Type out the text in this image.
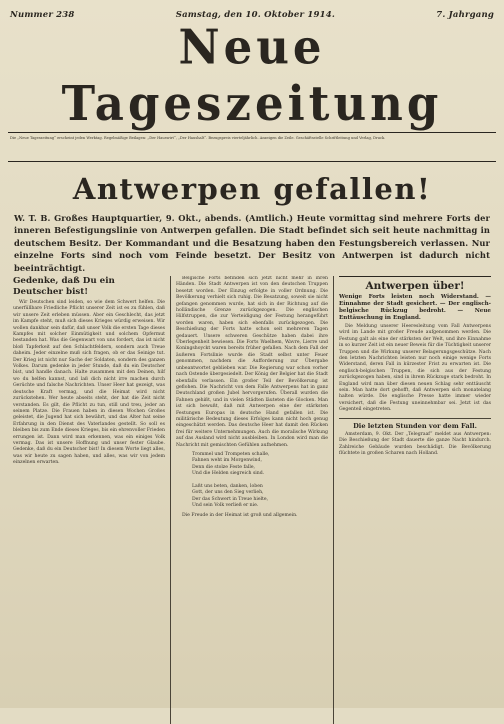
Nummer 238	Samstag, den 10. Oktober 1914.	7. Jahrgang
Neue Tageszeitung
Die „Neue Tageszeitung“ erscheint jeden Werktag. Regelmäßige Beilagen: „Der Hauswirt“, „Der Haushalt“. Bezugspreis vierteljährlich. Anzeigen die Zeile. Geschäftsstelle Schriftleitung und Verlag, Druck.
Antwerpen gefallen!
W. T. B. Großes Hauptquartier, 9. Okt., abends. (Amtlich.) Heute vormittag sind mehrere Forts der inneren Befestigungslinie von Antwerpen gefallen. Die Stadt befindet sich seit heute nachmittag in deutschem Besitz. Der Kommandant und die Besatzung haben den Festungsbereich verlassen. Nur einzelne Forts sind noch vom Feinde besetzt. Der Besitz von Antwerpen ist dadurch nicht beeinträchtigt.
Gedenke, daß Du ein Deutscher bist!
Wir Deutschen sind leiden, so wie dem Schwert helfen. Die unerfüllbare Friedliche Pflicht unserer Zeit ist es zu fühlen, daß wir unsere Zeit erleben müssen. Aber ein Geschlecht, das jetzt im Kampfe steht, muß sich dieses Krieges würdig erweisen. Wir wollen dankbar sein dafür, daß unser Volk die ersten Tage dieses Kampfes mit solcher Einmütigkeit und solchem Opfermut bestanden hat. Was die Gegenwart von uns fordert, das ist nicht bloß Tapferkeit auf den Schlachtfeldern, sondern auch Treue daheim. Jeder einzelne muß sich fragen, ob er das Seinige tut. Der Krieg ist nicht nur Sache der Soldaten, sondern des ganzen Volkes. Darum gedenke in jeder Stunde, daß du ein Deutscher bist, und handle danach. Halte zusammen mit den Deinen, hilf wo du helfen kannst, und laß dich nicht irre machen durch Gerüchte und falsche Nachrichten. Unser Heer hat gezeigt, was deutsche Kraft vermag, und die Heimat wird nicht zurückstehen. Wer heute abseits steht, der hat die Zeit nicht verstanden. Es gilt, die Pflicht zu tun, still und treu, jeder an seinem Platze. Die Frauen haben in diesen Wochen Großes geleistet, die Jugend hat sich bewährt, und das Alter hat seine Erfahrung in den Dienst des Vaterlandes gestellt. So soll es bleiben bis zum Ende dieses Krieges, bis ein ehrenvoller Frieden errungen ist. Dann wird man erkennen, was ein einiges Volk vermag. Das ist unsere Hoffnung und unser fester Glaube. Gedenke, daß du ein Deutscher bist! In diesem Worte liegt alles, was wir heute zu sagen haben, und alles, was wir von jedem einzelnen erwarten.
Belgische Forts befinden sich jetzt nicht mehr in ihren Händen. Die Stadt Antwerpen ist von den deutschen Truppen besetzt worden. Der Einzug erfolgte in voller Ordnung. Die Bevölkerung verhielt sich ruhig. Die Besatzung, soweit sie nicht gefangen genommen wurde, hat sich in der Richtung auf die holländische Grenze zurückgezogen. Die englischen Hilfstruppen, die zur Verteidigung der Festung herangeführt worden waren, haben sich ebenfalls zurückgezogen. Die Beschießung der Forts hatte schon seit mehreren Tagen gedauert. Unsere schweren Geschütze haben dabei ihre Überlegenheit bewiesen. Die Forts Waelhem, Wavre, Lierre und Koningshoyckt waren bereits früher gefallen. Nach dem Fall der äußeren Fortslinie wurde die Stadt selbst unter Feuer genommen, nachdem die Aufforderung zur Übergabe unbeantwortet geblieben war. Die Regierung war schon vorher nach Ostende übergesiedelt. Der König der Belgier hat die Stadt ebenfalls verlassen. Ein großer Teil der Bevölkerung ist geflohen. Die Nachricht von dem Falle Antwerpens hat in ganz Deutschland großen Jubel hervorgerufen. Überall wurden die Fahnen gehißt, und in vielen Städten läuteten die Glocken. Man ist sich bewußt, daß mit Antwerpen eine der stärksten Festungen Europas in deutsche Hand gefallen ist. Die militärische Bedeutung dieses Erfolges kann nicht hoch genug eingeschätzt werden. Das deutsche Heer hat damit den Rücken frei für weitere Unternehmungen. Auch die moralische Wirkung auf das Ausland wird nicht ausbleiben. In London wird man die Nachricht mit gemischten Gefühlen aufnehmen.
Trommel und Trompeten schalle,
Fahnen weht im Morgenwind,
Denn die stolze Feste falle,
Und die Helden siegreich sind.

Laßt uns beten, danken, loben
Gott, der uns den Sieg verlieh,
Der das Schwert in Treue hielte,
Und sein Volk verließ er nie.
Die Freude in der Heimat ist groß und allgemein.
Antwerpen über!
Wenige Forts leisten noch Widerstand. — Einnahme der Stadt gesichert. — Der englisch-belgische Rückzug bedroht. — Neue Enttäuschung in England.
Die Meldung unserer Heeresleitung vom Fall Antwerpens wird im Lande mit großer Freude aufgenommen werden. Die Festung galt als eine der stärksten der Welt, und ihre Einnahme in so kurzer Zeit ist ein neuer Beweis für die Tüchtigkeit unserer Truppen und die Wirkung unserer Belagerungsgeschütze. Nach den letzten Nachrichten leisten nur noch einige wenige Forts Widerstand, deren Fall in kürzester Frist zu erwarten ist. Die englisch-belgischen Truppen, die sich aus der Festung zurückgezogen haben, sind in ihrem Rückzuge stark bedroht. In England wird man über diesen neuen Schlag sehr enttäuscht sein. Man hatte dort gehofft, daß Antwerpen sich monatelang halten würde. Die englische Presse hatte immer wieder versichert, daß die Festung uneinnehmbar sei. Jetzt ist das Gegenteil eingetreten.
Die letzten Stunden vor dem Fall.
Amsterdam, 9. Okt. Der „Telegraaf“ meldet aus Antwerpen: Die Beschießung der Stadt dauerte die ganze Nacht hindurch. Zahlreiche Gebäude wurden beschädigt. Die Bevölkerung flüchtete in großen Scharen nach Holland.
